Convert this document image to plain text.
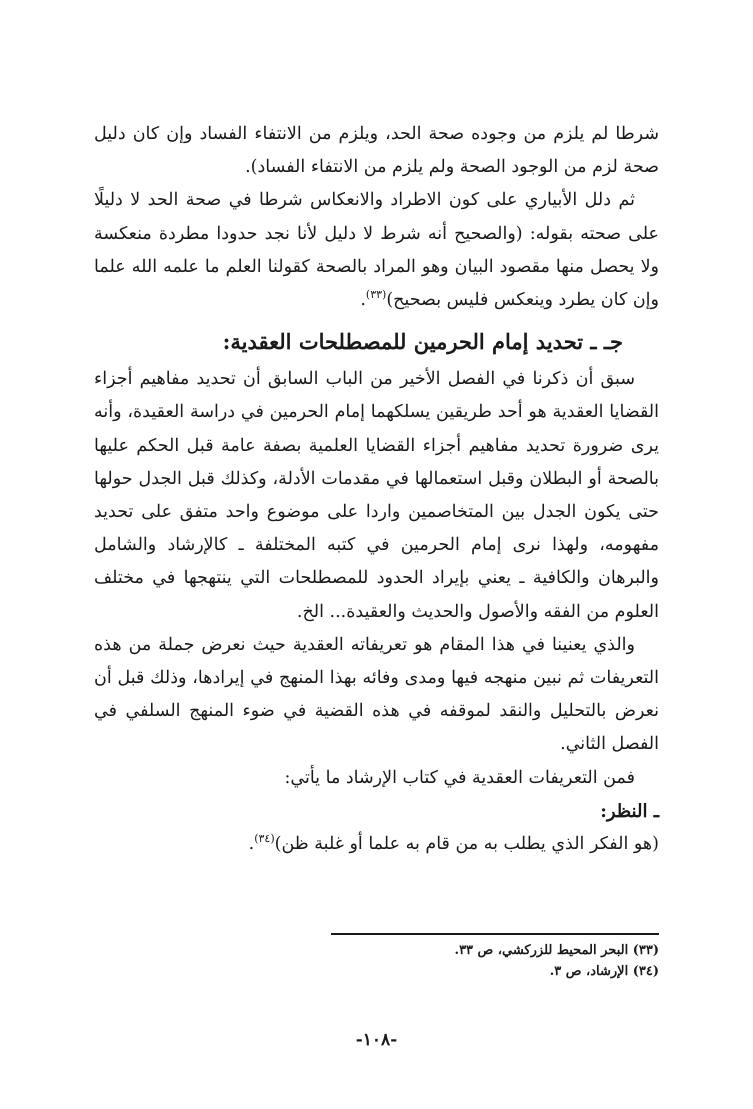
شرطا لم يلزم من وجوده صحة الحد، ويلزم من الانتفاء الفساد وإن كان دليل صحة لزم من الوجود الصحة ولم يلزم من الانتفاء الفساد).

ثم دلل الأبياري على كون الاطراد والانعكاس شرطا في صحة الحد لا دليلًا على صحته بقوله: (والصحيح أنه شرط لا دليل لأنا نجد حدودا مطردة منعكسة ولا يحصل منها مقصود البيان وهو المراد بالصحة كقولنا العلم ما علمه الله علما وإن كان يطرد وينعكس فليس بصحيح)$^{(٣٣)}$.

جـ ـ تحديد إمام الحرمين للمصطلحات العقدية:

سبق أن ذكرنا في الفصل الأخير من الباب السابق أن تحديد مفاهيم أجزاء القضايا العقدية هو أحد طريقين يسلكهما إمام الحرمين في دراسة العقيدة، وأنه يرى ضرورة تحديد مفاهيم أجزاء القضايا العلمية بصفة عامة قبل الحكم عليها بالصحة أو البطلان وقبل استعمالها في مقدمات الأدلة، وكذلك قبل الجدل حولها حتى يكون الجدل بين المتخاصمين واردا على موضوع واحد متفق على تحديد مفهومه، ولهذا نرى إمام الحرمين في كتبه المختلفة ـ كالإرشاد والشامل والبرهان والكافية ـ يعني بإيراد الحدود للمصطلحات التي ينتهجها في مختلف العلوم من الفقه والأصول والحديث والعقيدة... الخ.

والذي يعنينا في هذا المقام هو تعريفاته العقدية حيث نعرض جملة من هذه التعريفات ثم نبين منهجه فيها ومدى وفائه بهذا المنهج في إيرادها، وذلك قبل أن نعرض بالتحليل والنقد لموقفه في هذه القضية في ضوء المنهج السلفي في الفصل الثاني.

فمن التعريفات العقدية في كتاب الإرشاد ما يأتي:

ـ النظر:

(هو الفكر الذي يطلب به من قام به علما أو غلبة ظن)$^{(٣٤)}$.

(٣٣) البحر المحيط للزركشي، ص ٣٣.

(٣٤) الإرشاد، ص ٣.

-١٠٨-
